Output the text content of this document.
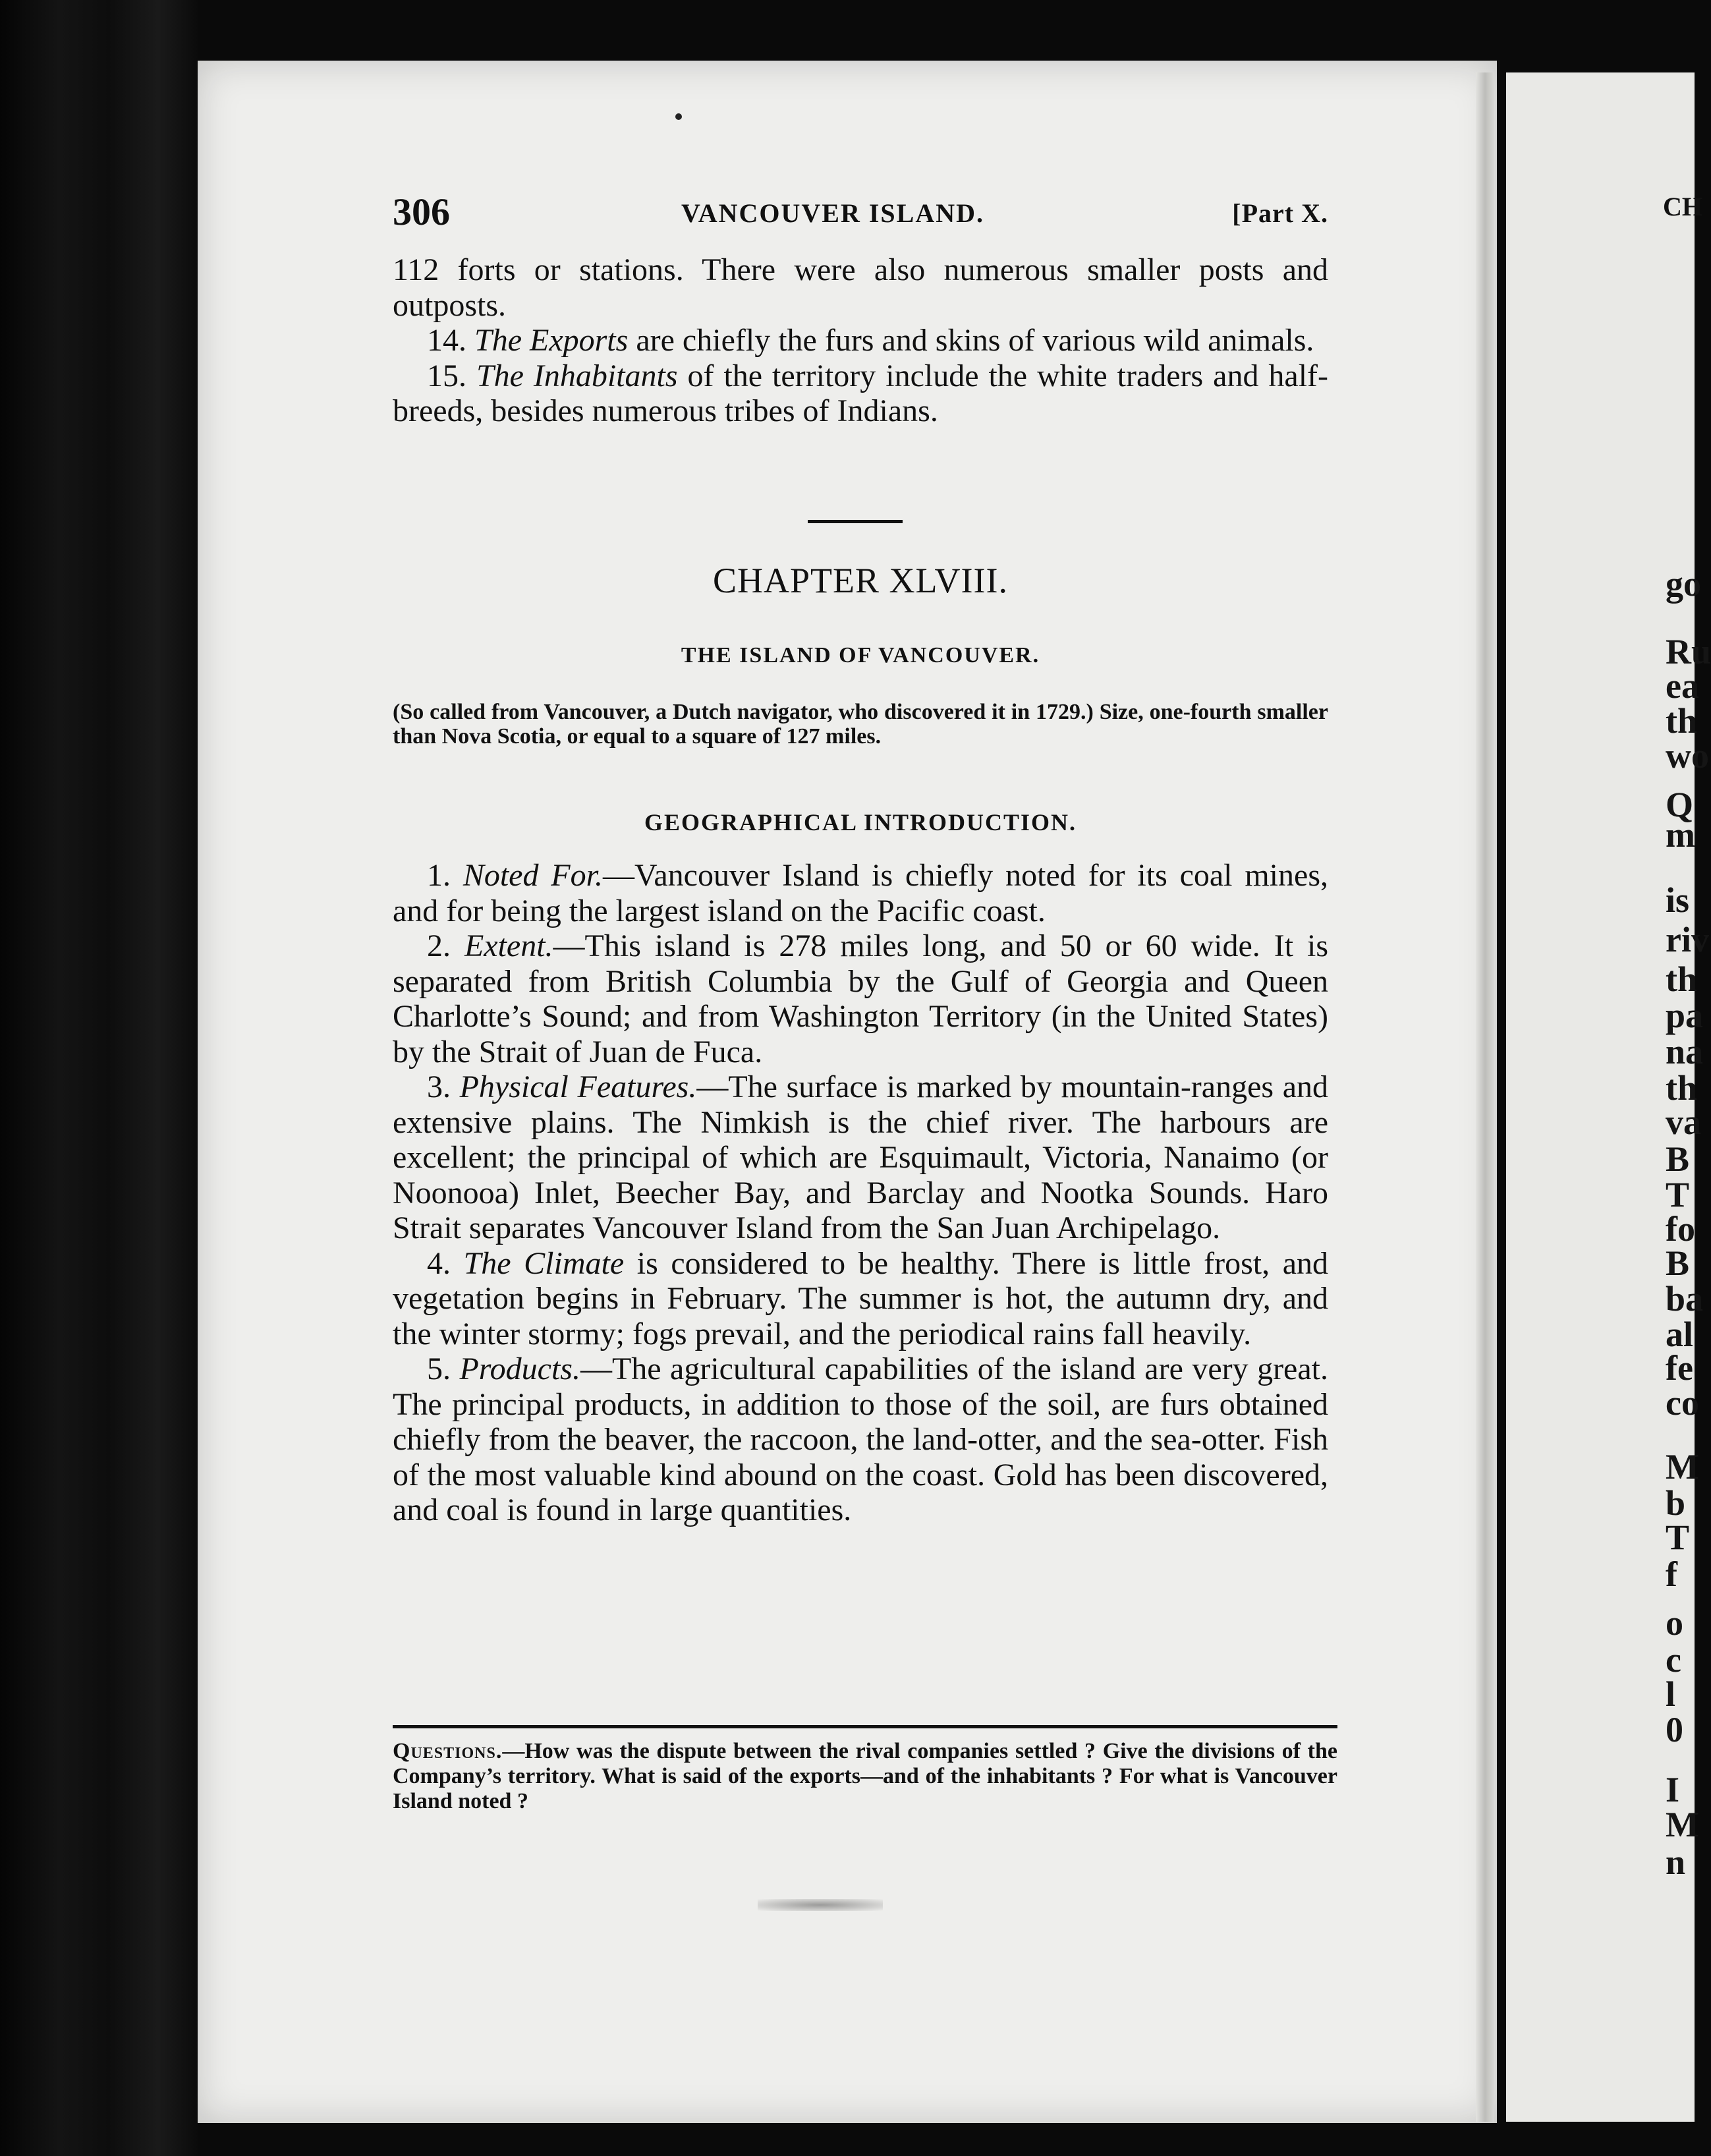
CH
go
Ru
ea
th
wo
Q
m
is
riv
th
pa
na
th
va
B
T
fo
B
ba
al
fe
co
M
b
T
f
o
c
l
0
I
M
n
306	VANCOUVER ISLAND.	[Part X.

112 forts or stations. There were also numerous smaller posts and outposts.

14. The Exports are chiefly the furs and skins of various wild animals.

15. The Inhabitants of the territory include the white traders and half-breeds, besides numerous tribes of Indians.

CHAPTER XLVIII.
THE ISLAND OF VANCOUVER.
(So called from Vancouver, a Dutch navigator, who discovered it in 1729.) Size, one-fourth smaller than Nova Scotia, or equal to a square of 127 miles.
GEOGRAPHICAL INTRODUCTION.

1. Noted For.—Vancouver Island is chiefly noted for its coal mines, and for being the largest island on the Pacific coast.

2. Extent.—This island is 278 miles long, and 50 or 60 wide. It is separated from British Columbia by the Gulf of Georgia and Queen Charlotte’s Sound; and from Washington Territory (in the United States) by the Strait of Juan de Fuca.

3. Physical Features.—The surface is marked by mountain-ranges and extensive plains. The Nimkish is the chief river. The harbours are excellent; the principal of which are Esquimault, Victoria, Nanaimo (or Noonooa) Inlet, Beecher Bay, and Barclay and Nootka Sounds. Haro Strait separates Vancouver Island from the San Juan Archipelago.

4. The Climate is considered to be healthy. There is little frost, and vegetation begins in February. The summer is hot, the autumn dry, and the winter stormy; fogs prevail, and the periodical rains fall heavily.

5. Products.—The agricultural capabilities of the island are very great. The principal products, in addition to those of the soil, are furs obtained chiefly from the beaver, the raccoon, the land-otter, and the sea-otter. Fish of the most valuable kind abound on the coast. Gold has been discovered, and coal is found in large quantities.

Questions.—How was the dispute between the rival companies settled ? Give the divisions of the Company’s territory. What is said of the exports—and of the inhabitants ? For what is Vancouver Island noted ?
